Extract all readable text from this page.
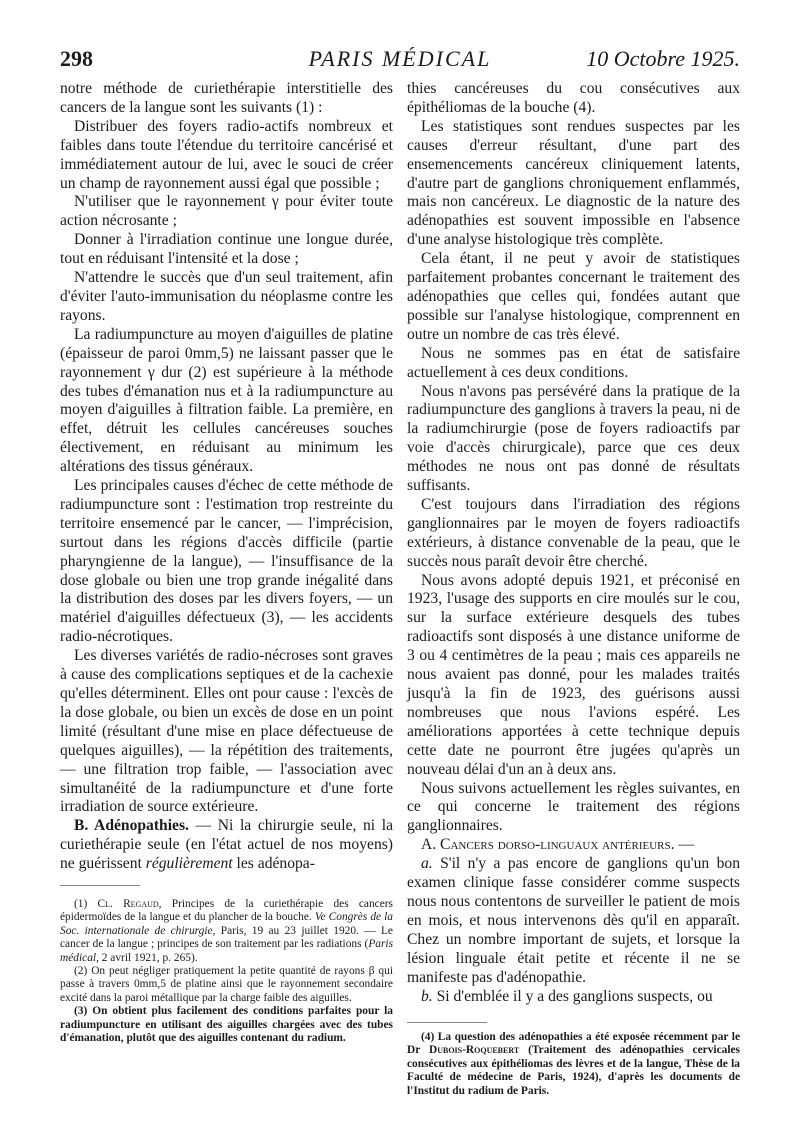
298	PARIS MÉDICAL	10 Octobre 1925.

notre méthode de curiethérapie interstitielle des cancers de la langue sont les suivants (1) :

Distribuer des foyers radio-actifs nombreux et faibles dans toute l'étendue du territoire cancérisé et immédiatement autour de lui, avec le souci de créer un champ de rayonnement aussi égal que possible ;

N'utiliser que le rayonnement γ pour éviter toute action nécrosante ;

Donner à l'irradiation continue une longue durée, tout en réduisant l'intensité et la dose ;

N'attendre le succès que d'un seul traitement, afin d'éviter l'auto-immunisation du néoplasme contre les rayons.

La radiumpuncture au moyen d'aiguilles de platine (épaisseur de paroi 0mm,5) ne laissant passer que le rayonnement γ dur (2) est supérieure à la méthode des tubes d'émanation nus et à la radiumpuncture au moyen d'aiguilles à filtration faible. La première, en effet, détruit les cellules cancéreuses souches électivement, en réduisant au minimum les altérations des tissus généraux.

Les principales causes d'échec de cette méthode de radiumpuncture sont : l'estimation trop restreinte du territoire ensemencé par le cancer, — l'imprécision, surtout dans les régions d'accès difficile (partie pharyngienne de la langue), — l'insuffisance de la dose globale ou bien une trop grande inégalité dans la distribution des doses par les divers foyers, — un matériel d'aiguilles défectueux (3), — les accidents radio-nécrotiques.

Les diverses variétés de radio-nécroses sont graves à cause des complications septiques et de la cachexie qu'elles déterminent. Elles ont pour cause : l'excès de la dose globale, ou bien un excès de dose en un point limité (résultant d'une mise en place défectueuse de quelques aiguilles), — la répétition des traitements, — une filtration trop faible, — l'association avec simultanéité de la radiumpuncture et d'une forte irradiation de source extérieure.

B. Adénopathies. — Ni la chirurgie seule, ni la curiethérapie seule (en l'état actuel de nos moyens) ne guérissent régulièrement les adénopa-

thies cancéreuses du cou consécutives aux épithéliomas de la bouche (4).

Les statistiques sont rendues suspectes par les causes d'erreur résultant, d'une part des ensemencements cancéreux cliniquement latents, d'autre part de ganglions chroniquement enflammés, mais non cancéreux. Le diagnostic de la nature des adénopathies est souvent impossible en l'absence d'une analyse histologique très complète.

Cela étant, il ne peut y avoir de statistiques parfaitement probantes concernant le traitement des adénopathies que celles qui, fondées autant que possible sur l'analyse histologique, comprennent en outre un nombre de cas très élevé.

Nous ne sommes pas en état de satisfaire actuellement à ces deux conditions.

Nous n'avons pas persévéré dans la pratique de la radiumpuncture des ganglions à travers la peau, ni de la radiumchirurgie (pose de foyers radioactifs par voie d'accès chirurgicale), parce que ces deux méthodes ne nous ont pas donné de résultats suffisants.

C'est toujours dans l'irradiation des régions ganglionnaires par le moyen de foyers radioactifs extérieurs, à distance convenable de la peau, que le succès nous paraît devoir être cherché.

Nous avons adopté depuis 1921, et préconisé en 1923, l'usage des supports en cire moulés sur le cou, sur la surface extérieure desquels des tubes radioactifs sont disposés à une distance uniforme de 3 ou 4 centimètres de la peau ; mais ces appareils ne nous avaient pas donné, pour les malades traités jusqu'à la fin de 1923, des guérisons aussi nombreuses que nous l'avions espéré. Les améliorations apportées à cette technique depuis cette date ne pourront être jugées qu'après un nouveau délai d'un an à deux ans.

Nous suivons actuellement les règles suivantes, en ce qui concerne le traitement des régions ganglionnaires.

A. Cancers dorso-linguaux antérieurs. —

a. S'il n'y a pas encore de ganglions qu'un bon examen clinique fasse considérer comme suspects nous nous contentons de surveiller le patient de mois en mois, et nous intervenons dès qu'il en apparaît. Chez un nombre important de sujets, et lorsque la lésion linguale était petite et récente il ne se manifeste pas d'adénopathie.

b. Si d'emblée il y a des ganglions suspects, ou

(1) Cl. Regaud, Principes de la curiethérapie des cancers épidermoïdes de la langue et du plancher de la bouche. Ve Congrès de la Soc. internationale de chirurgie, Paris, 19 au 23 juillet 1920. — Le cancer de la langue ; principes de son traitement par les radiations (Paris médical, 2 avril 1921, p. 265).

(2) On peut négliger pratiquement la petite quantité de rayons β qui passe à travers 0mm,5 de platine ainsi que le rayonnement secondaire excité dans la paroi métallique par la charge faible des aiguilles.

(3) On obtient plus facilement des conditions parfaites pour la radiumpuncture en utilisant des aiguilles chargées avec des tubes d'émanation, plutôt que des aiguilles contenant du radium.	(4) La question des adénopathies a été exposée récemment par le Dr Dubois-Roquebert (Traitement des adénopathies cervicales consécutives aux épithéliomas des lèvres et de la langue, Thèse de la Faculté de médecine de Paris, 1924), d'après les documents de l'Institut du radium de Paris.
